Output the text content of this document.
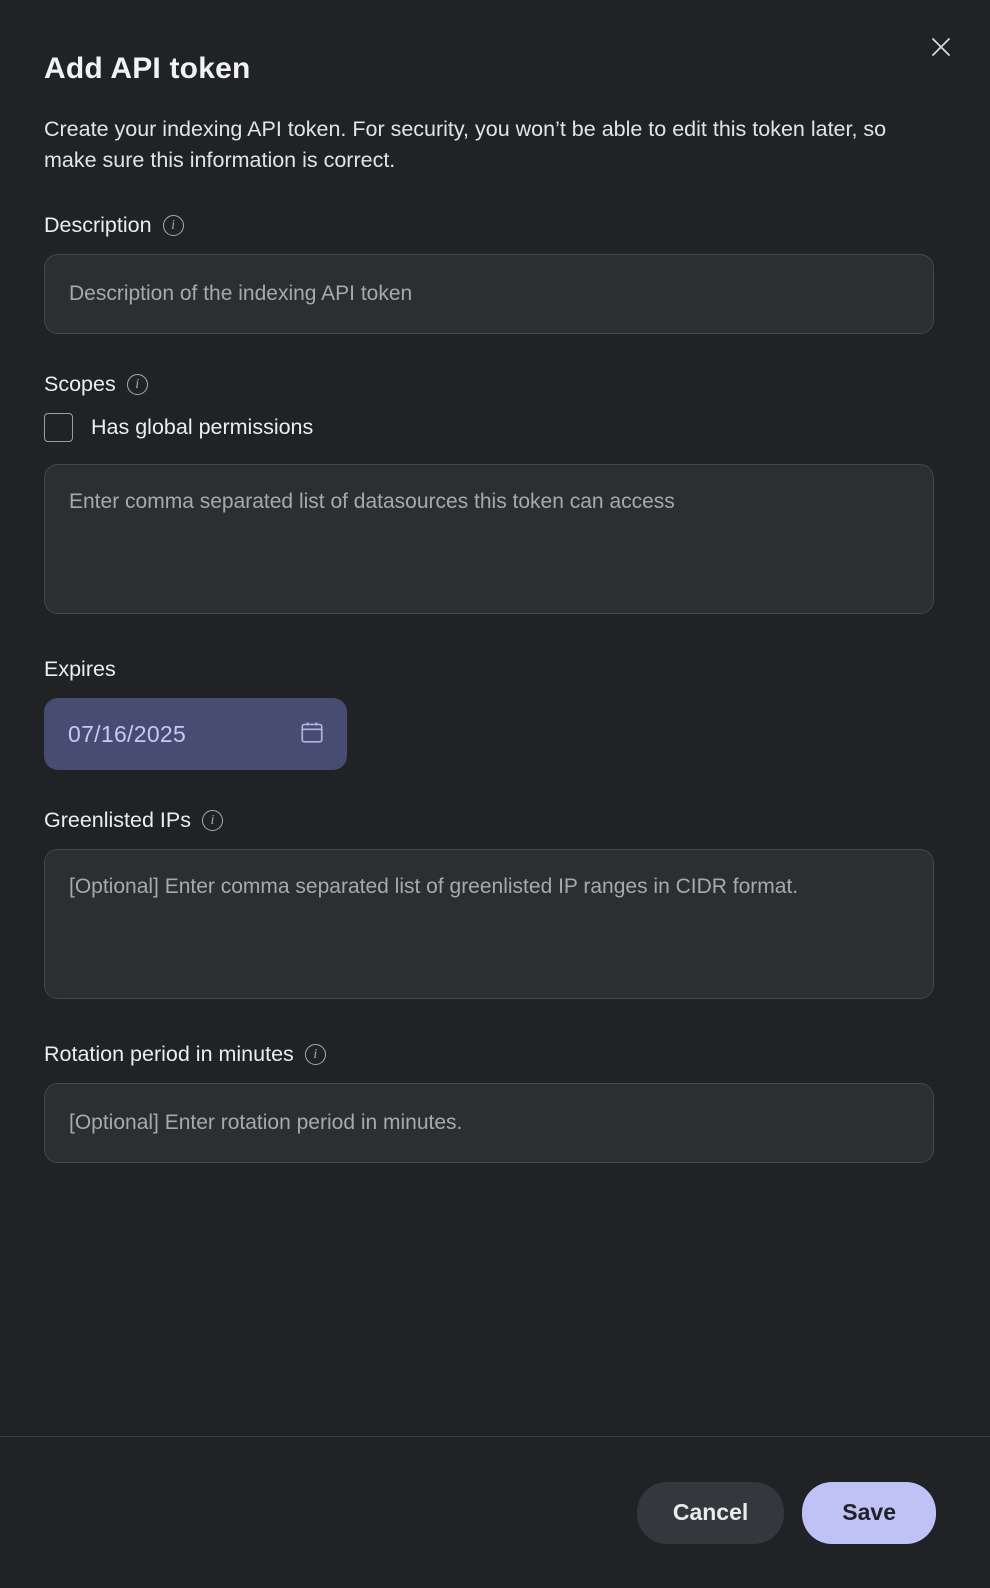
Add API token
Create your indexing API token. For security, you won’t be able to edit this token later, so make sure this information is correct.
Description i
Description of the indexing API token
Scopes i
Has global permissions
Enter comma separated list of datasources this token can access
Expires
07/16/2025
Greenlisted IPs i
[Optional] Enter comma separated list of greenlisted IP ranges in CIDR format.
Rotation period in minutes i
[Optional] Enter rotation period in minutes.
Cancel	Save
